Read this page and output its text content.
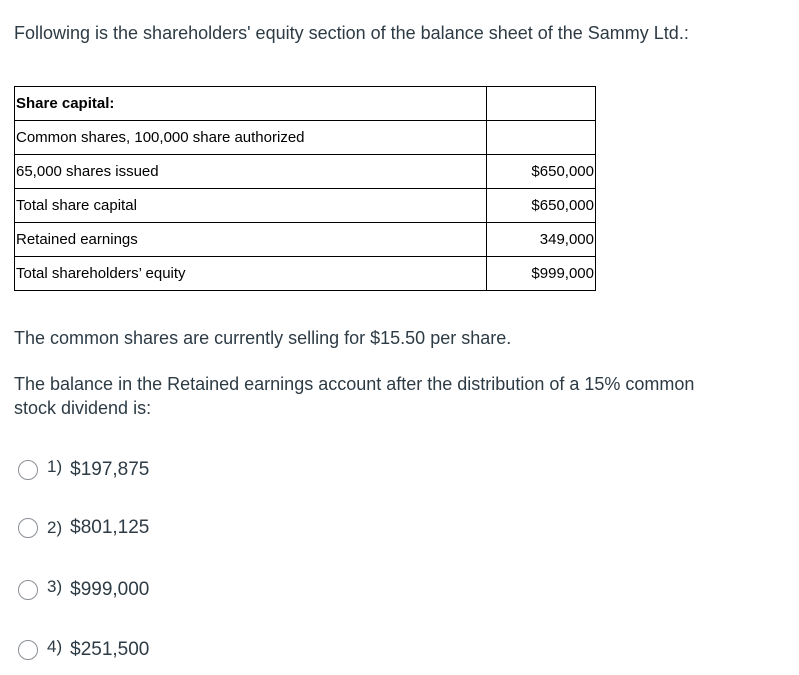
Following is the shareholders' equity section of the balance sheet of the Sammy Ltd.:

Share capital:	
Common shares, 100,000 share authorized	
65,000 shares issued	$650,000
Total share capital	$650,000
Retained earnings	349,000
Total shareholders’ equity	$999,000

The common shares are currently selling for $15.50 per share.

The balance in the Retained earnings account after the distribution of a 15% common stock dividend is:

1) $197,875
2) $801,125
3) $999,000
4) $251,500
